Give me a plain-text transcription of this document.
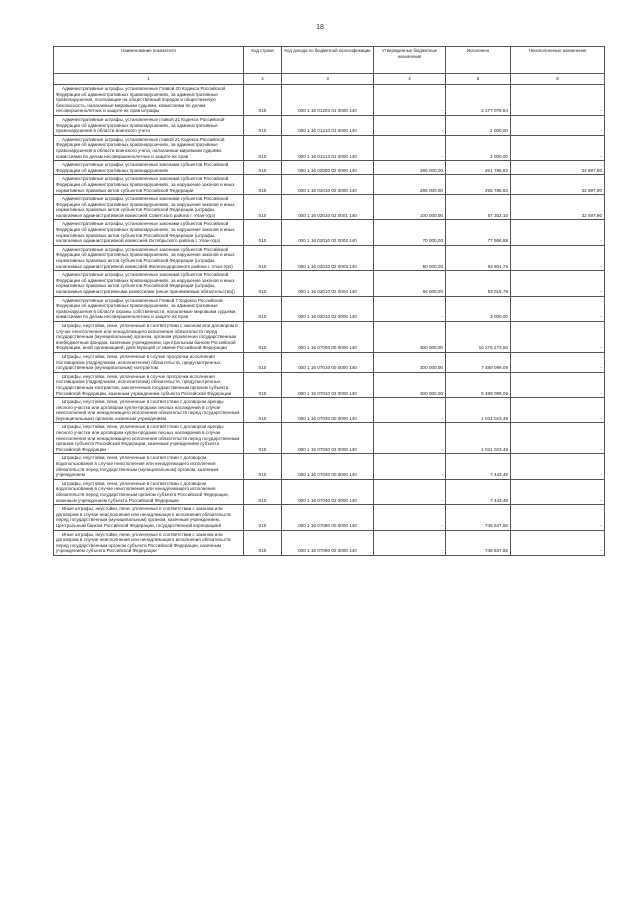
18
Наименование показателя	Код строки	Код дохода по бюджетной классификации	Утвержденные бюджетные назначения	Исполнено	Неисполненные назначения
1	2	3	4	5	6
Административные штрафы, установленные Главой 20 Кодекса Российской Федерации об административных правонарушениях, за административные правонарушения, посягающие на общественный порядок и общественную безопасность, налагаемые мировыми судьями, комиссиями по делам несовершеннолетних и защите их прав штрафы	010	000 1 16 01203 01 0000 140	-	2 177 078,84	-
Административные штрафы, установленные главой 21 Кодекса Российской Федерации об административных правонарушениях, за административные правонарушения в области воинского учета	010	000 1 16 01210 01 0000 140	-	1 000,00	-
Административные штрафы, установленные главой 21 Кодекса Российской Федерации об административных правонарушениях, за административные правонарушения в области воинского учета, налагаемые мировыми судьями, комиссиями по делам несовершеннолетних и защите их прав	010	000 1 16 01213 01 0000 140	-	1 000,00	-
Административные штрафы, установленные законами субъектов Российской Федерации об административных правонарушениях	010	000 1 16 02000 02 0000 140	286 000,00	251 785,63	32 697,90
Административные штрафы, установленные законами субъектов Российской Федерации об административных правонарушениях, за нарушение законов и иных нормативных правовых актов субъектов Российской Федерации	010	000 1 16 02010 02 0000 140	286 000,00	255 785,63	32 697,90
Административные штрафы, установленные законами субъектов Российской Федерации об административных правонарушениях, за нарушение законов и иных нормативных правовых актов субъектов Российской Федерации (штрафы, налагаемые административной комиссией Советского района г. Улан-Удэ)	010	000 1 16 02010 02 0001 140	100 000,00	67 302,10	32 697,90
Административные штрафы, установленные законами субъектов Российской Федерации об административных правонарушениях, за нарушение законов и иных нормативных правовых актов субъектов Российской Федерации (штрафы, налагаемые административной комиссией Октябрьского района г. Улан-Удэ)	010	000 1 16 02010 02 0002 140	70 000,00	77 566,98	-
Административные штрафы, установленные законами субъектов Российской Федерации об административных правонарушениях, за нарушение законов и иных нормативных правовых актов субъектов Российской Федерации (штрафы, налагаемые административной комиссией Железнодорожного района г. Улан-Удэ)	010	000 1 16 02010 02 0003 140	50 000,00	53 901,76	-
Административные штрафы, установленные законами субъектов Российской Федерации об административных правонарушениях, за нарушение законов и иных нормативных правовых актов субъектов Российской Федерации (штрафы, налагаемые административными комиссиями (иные принимаемые обязательства))	010	000 1 16 02010 02 0004 140	66 000,00	53 015,79	-
Административные штрафы, установленные Главой 7 Кодекса Российской Федерации об административных правонарушениях, за административные правонарушения в области охраны собственности, налагаемые мировыми судьями, комиссиями по делам несовершеннолетних и защите их прав	010	000 1 16 02010 02 0005 140	-	3 000,00	-
Штрафы, неустойки, пени, уплаченные в соответствии с законом или договором в случае неисполнения или ненадлежащего исполнения обязательств перед государственным (муниципальным) органом, органом управления государственным внебюджетным фондом, казенным учреждением, Центральным банком Российской Федерации, иной организацией, действующей от имени Российской Федерации	010	000 1 16 07000 00 0000 140	300 000,00	10 276 273,50	-
Штрафы, неустойки, пени, уплаченные в случае просрочки исполнения поставщиком (подрядчиком, исполнителем) обязательств, предусмотренных государственным (муниципальным) контрактом	010	000 1 16 07010 00 0000 140	300 000,00	7 489 099,09	-
Штрафы, неустойки, пени, уплаченные в случае просрочки исполнения поставщиком (подрядчиком, исполнителем) обязательств, предусмотренных государственным контрактом, заключенным государственным органом субъекта Российской Федерации, казенным учреждением субъекта Российской Федерации	010	000 1 16 07010 02 0000 140	300 000,00	5 489 099,09	-
Штрафы, неустойки, пени, уплаченные в соответствии с договором аренды лесного участка или договором купли-продажи лесных насаждений в случае неисполнения или ненадлежащего исполнения обязательств перед государственным (муниципальным) органом, казенным учреждением	010	000 1 16 07030 00 0000 140	-	1 031 023,48	-
Штрафы, неустойки, пени, уплаченные в соответствии с договором аренды лесного участка или договором купли-продажи лесных насаждений в случае неисполнения или ненадлежащего исполнения обязательств перед государственным органом субъекта Российской Федерации, казенным учреждением субъекта Российской Федерации	010	000 1 16 07030 02 0000 140	-	1 031 023,48	-
Штрафы, неустойки, пени, уплаченные в соответствии с договором водопользования в случае неисполнения или ненадлежащего исполнения обязательств перед государственным (муниципальным) органом, казенным учреждением	010	000 1 16 07040 00 0000 140	-	7 443,48	-
Штрафы, неустойки, пени, уплаченные в соответствии с договором водопользования в случае неисполнения или ненадлежащего исполнения обязательств перед государственным органом субъекта Российской Федерации, казенным учреждением субъекта Российской Федерации	010	000 1 16 07040 02 0000 140	-	7 443,48	-
Иные штрафы, неустойки, пени, уплаченные в соответствии с законом или договором в случае неисполнения или ненадлежащего исполнения обязательств перед государственным (муниципальным) органом, казенным учреждением, Центральным банком Российской Федерации, государственной корпорацией	010	000 1 16 07090 00 0000 140	-	748 537,92	-
Иные штрафы, неустойки, пени, уплаченные в соответствии с законом или договором в случае неисполнения или ненадлежащего исполнения обязательств перед государственным органом субъекта Российской Федерации, казенным учреждением субъекта Российской Федерации	010	000 1 16 07090 02 0000 140	-	748 537,92	-
